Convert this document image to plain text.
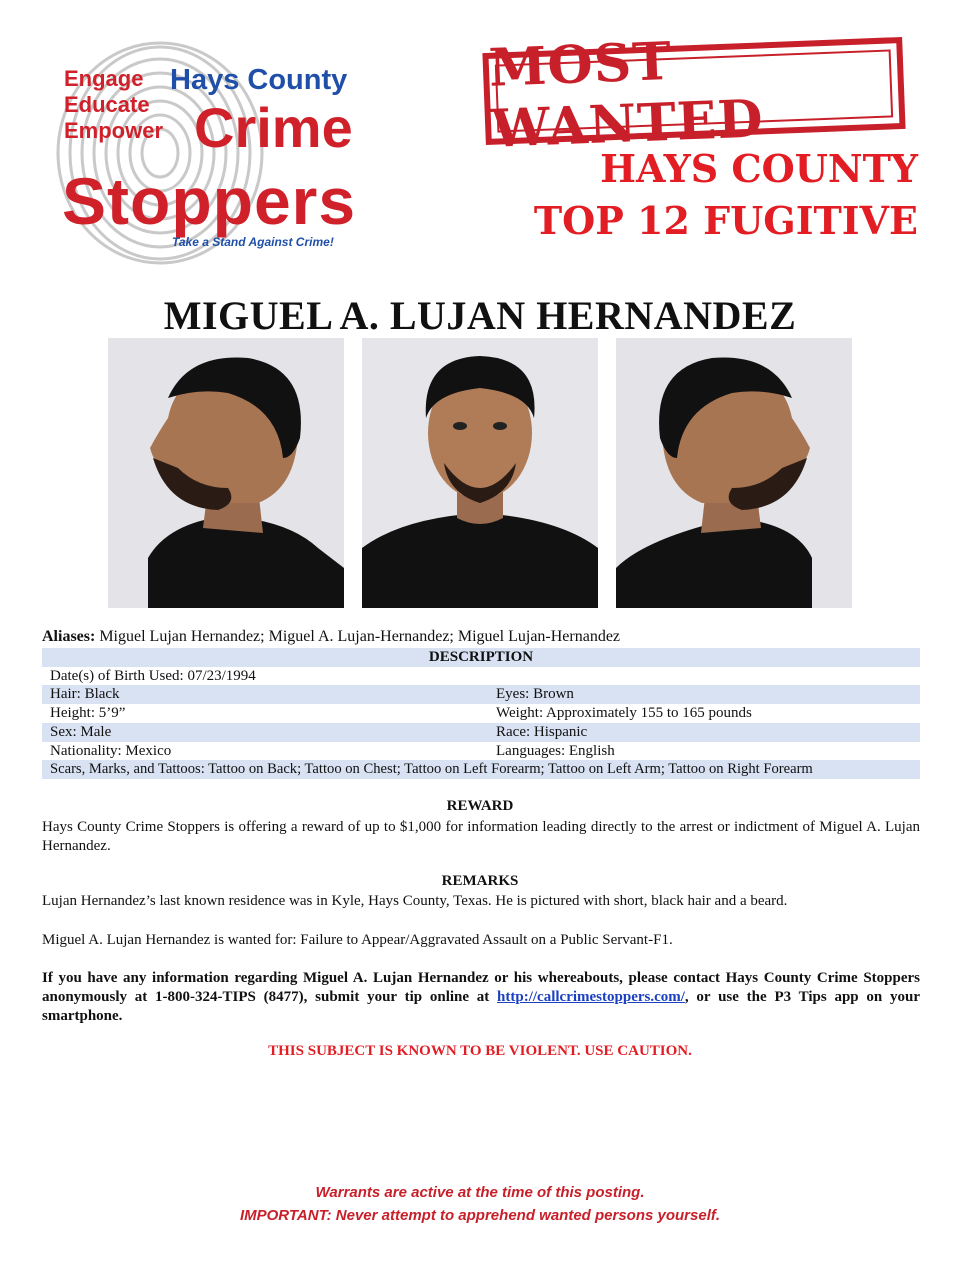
Engage
Educate
Empower
Hays County
Crime
Stoppers
Take a Stand Against Crime!
MOST WANTED
HAYS COUNTY
TOP 12 FUGITIVE
MIGUEL A. LUJAN HERNANDEZ
Aliases: Miguel Lujan Hernandez; Miguel A. Lujan-Hernandez; Miguel Lujan-Hernandez
DESCRIPTION	
Date(s) of Birth Used: 07/23/1994	
Hair: Black	Eyes: Brown
Height: 5’9”	Weight: Approximately 155 to 165 pounds
Sex: Male	Race: Hispanic
Nationality: Mexico	Languages: English
Scars, Marks, and Tattoos: Tattoo on Back; Tattoo on Chest; Tattoo on Left Forearm; Tattoo on Left Arm; Tattoo on Right Forearm	
REWARD
Hays County Crime Stoppers is offering a reward of up to $1,000 for information leading directly to the arrest or indictment of Miguel A. Lujan Hernandez.
REMARKS
Lujan Hernandez’s last known residence was in Kyle, Hays County, Texas. He is pictured with short, black hair and a beard.
Miguel A. Lujan Hernandez is wanted for: Failure to Appear/Aggravated Assault on a Public Servant-F1.
If you have any information regarding Miguel A. Lujan Hernandez or his whereabouts, please contact Hays County Crime Stoppers anonymously at 1-800-324-TIPS (8477), submit your tip online at http://callcrimestoppers.com/, or use the P3 Tips app on your smartphone.
THIS SUBJECT IS KNOWN TO BE VIOLENT. USE CAUTION.
Warrants are active at the time of this posting.
IMPORTANT: Never attempt to apprehend wanted persons yourself.
